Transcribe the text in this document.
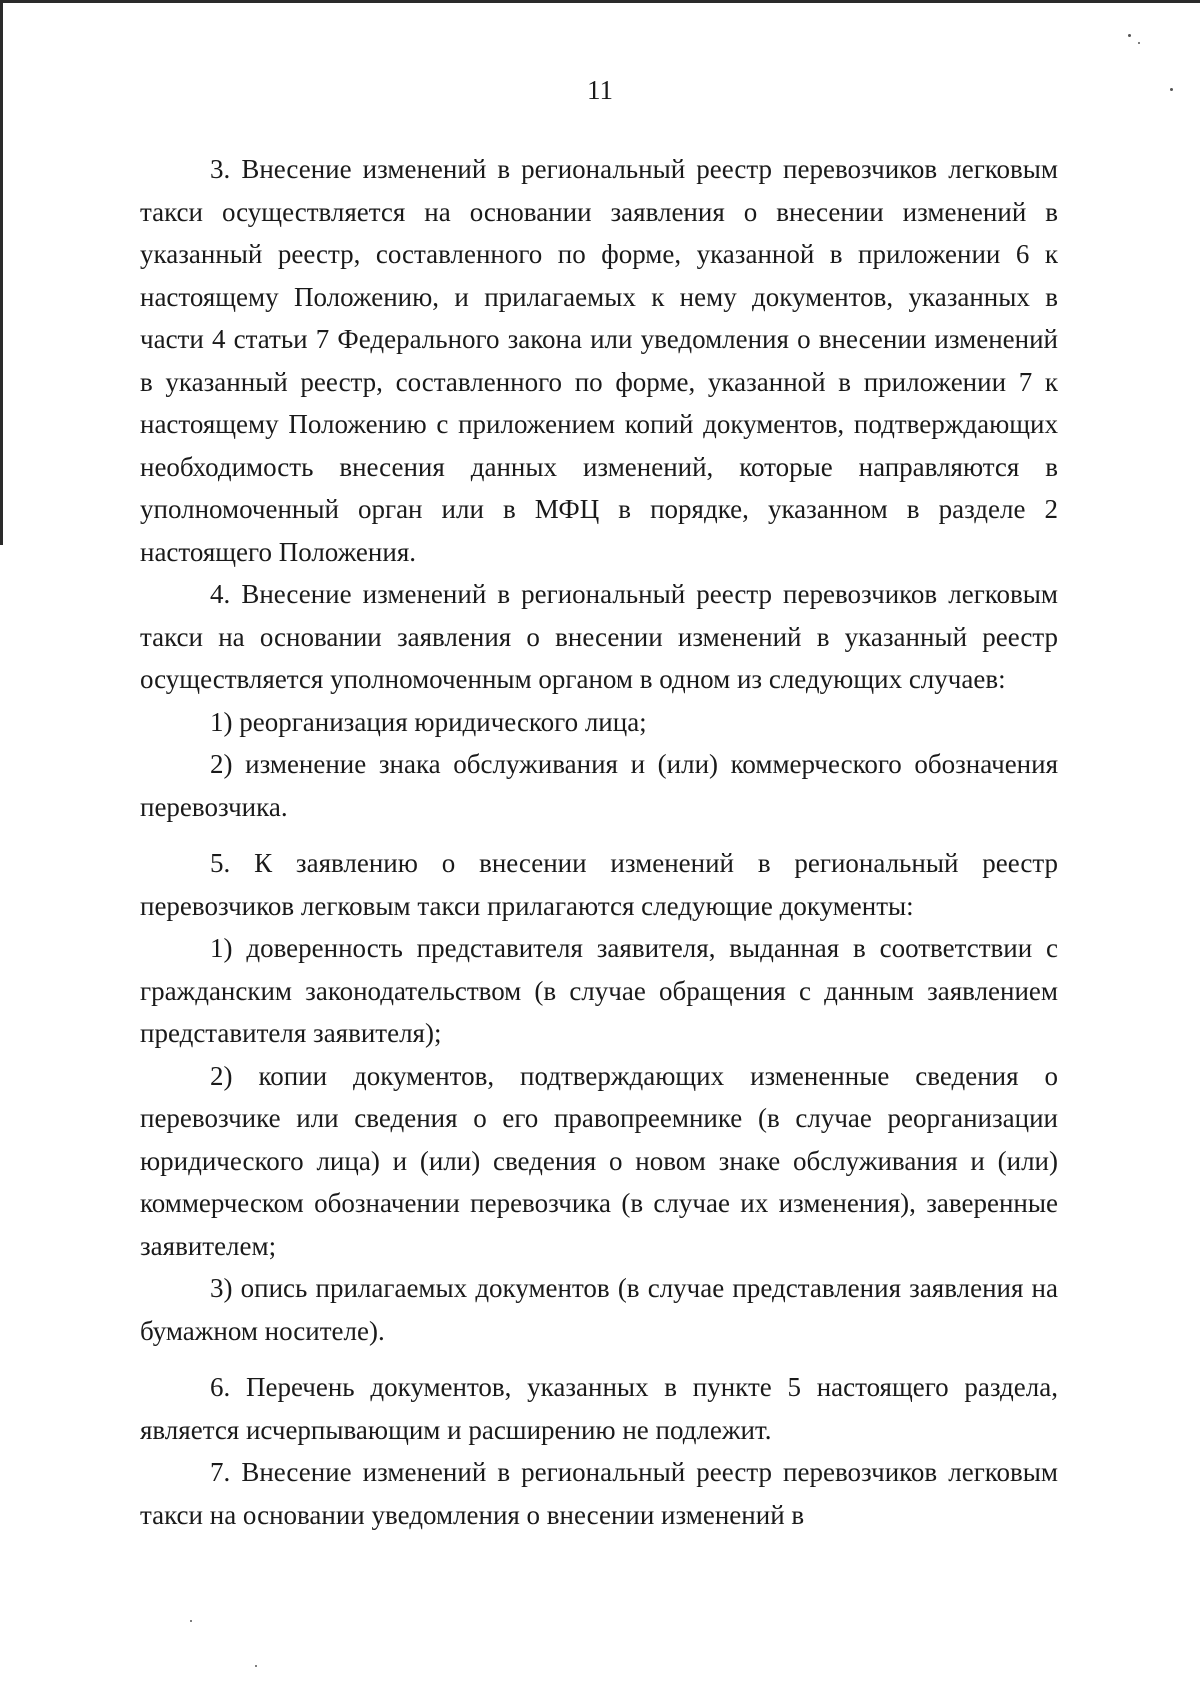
11

3. Внесение изменений в региональный реестр перевозчиков легковым такси осуществляется на основании заявления о внесении изменений в указанный реестр, составленного по форме, указанной в приложении 6 к настоящему Положению, и прилагаемых к нему документов, указанных в части 4 статьи 7 Федерального закона или уведомления о внесении изменений в указанный реестр, составленного по форме, указанной в приложении 7 к настоящему Положению с приложением копий документов, подтверждающих необходимость внесения данных изменений, которые направляются в уполномоченный орган или в МФЦ в порядке, указанном в разделе 2 настоящего Положения.

4. Внесение изменений в региональный реестр перевозчиков легковым такси на основании заявления о внесении изменений в указанный реестр осуществляется уполномоченным органом в одном из следующих случаев:

1) реорганизация юридического лица;

2) изменение знака обслуживания и (или) коммерческого обозначения перевозчика.

5. К заявлению о внесении изменений в региональный реестр перевозчиков легковым такси прилагаются следующие документы:

1) доверенность представителя заявителя, выданная в соответствии с гражданским законодательством (в случае обращения с данным заявлением представителя заявителя);

2) копии документов, подтверждающих измененные сведения о перевозчике или сведения о его правопреемнике (в случае реорганизации юридического лица) и (или) сведения о новом знаке обслуживания и (или) коммерческом обозначении перевозчика (в случае их изменения), заверенные заявителем;

3) опись прилагаемых документов (в случае представления заявления на бумажном носителе).

6. Перечень документов, указанных в пункте 5 настоящего раздела, является исчерпывающим и расширению не подлежит.

7. Внесение изменений в региональный реестр перевозчиков легковым такси на основании уведомления о внесении изменений в
